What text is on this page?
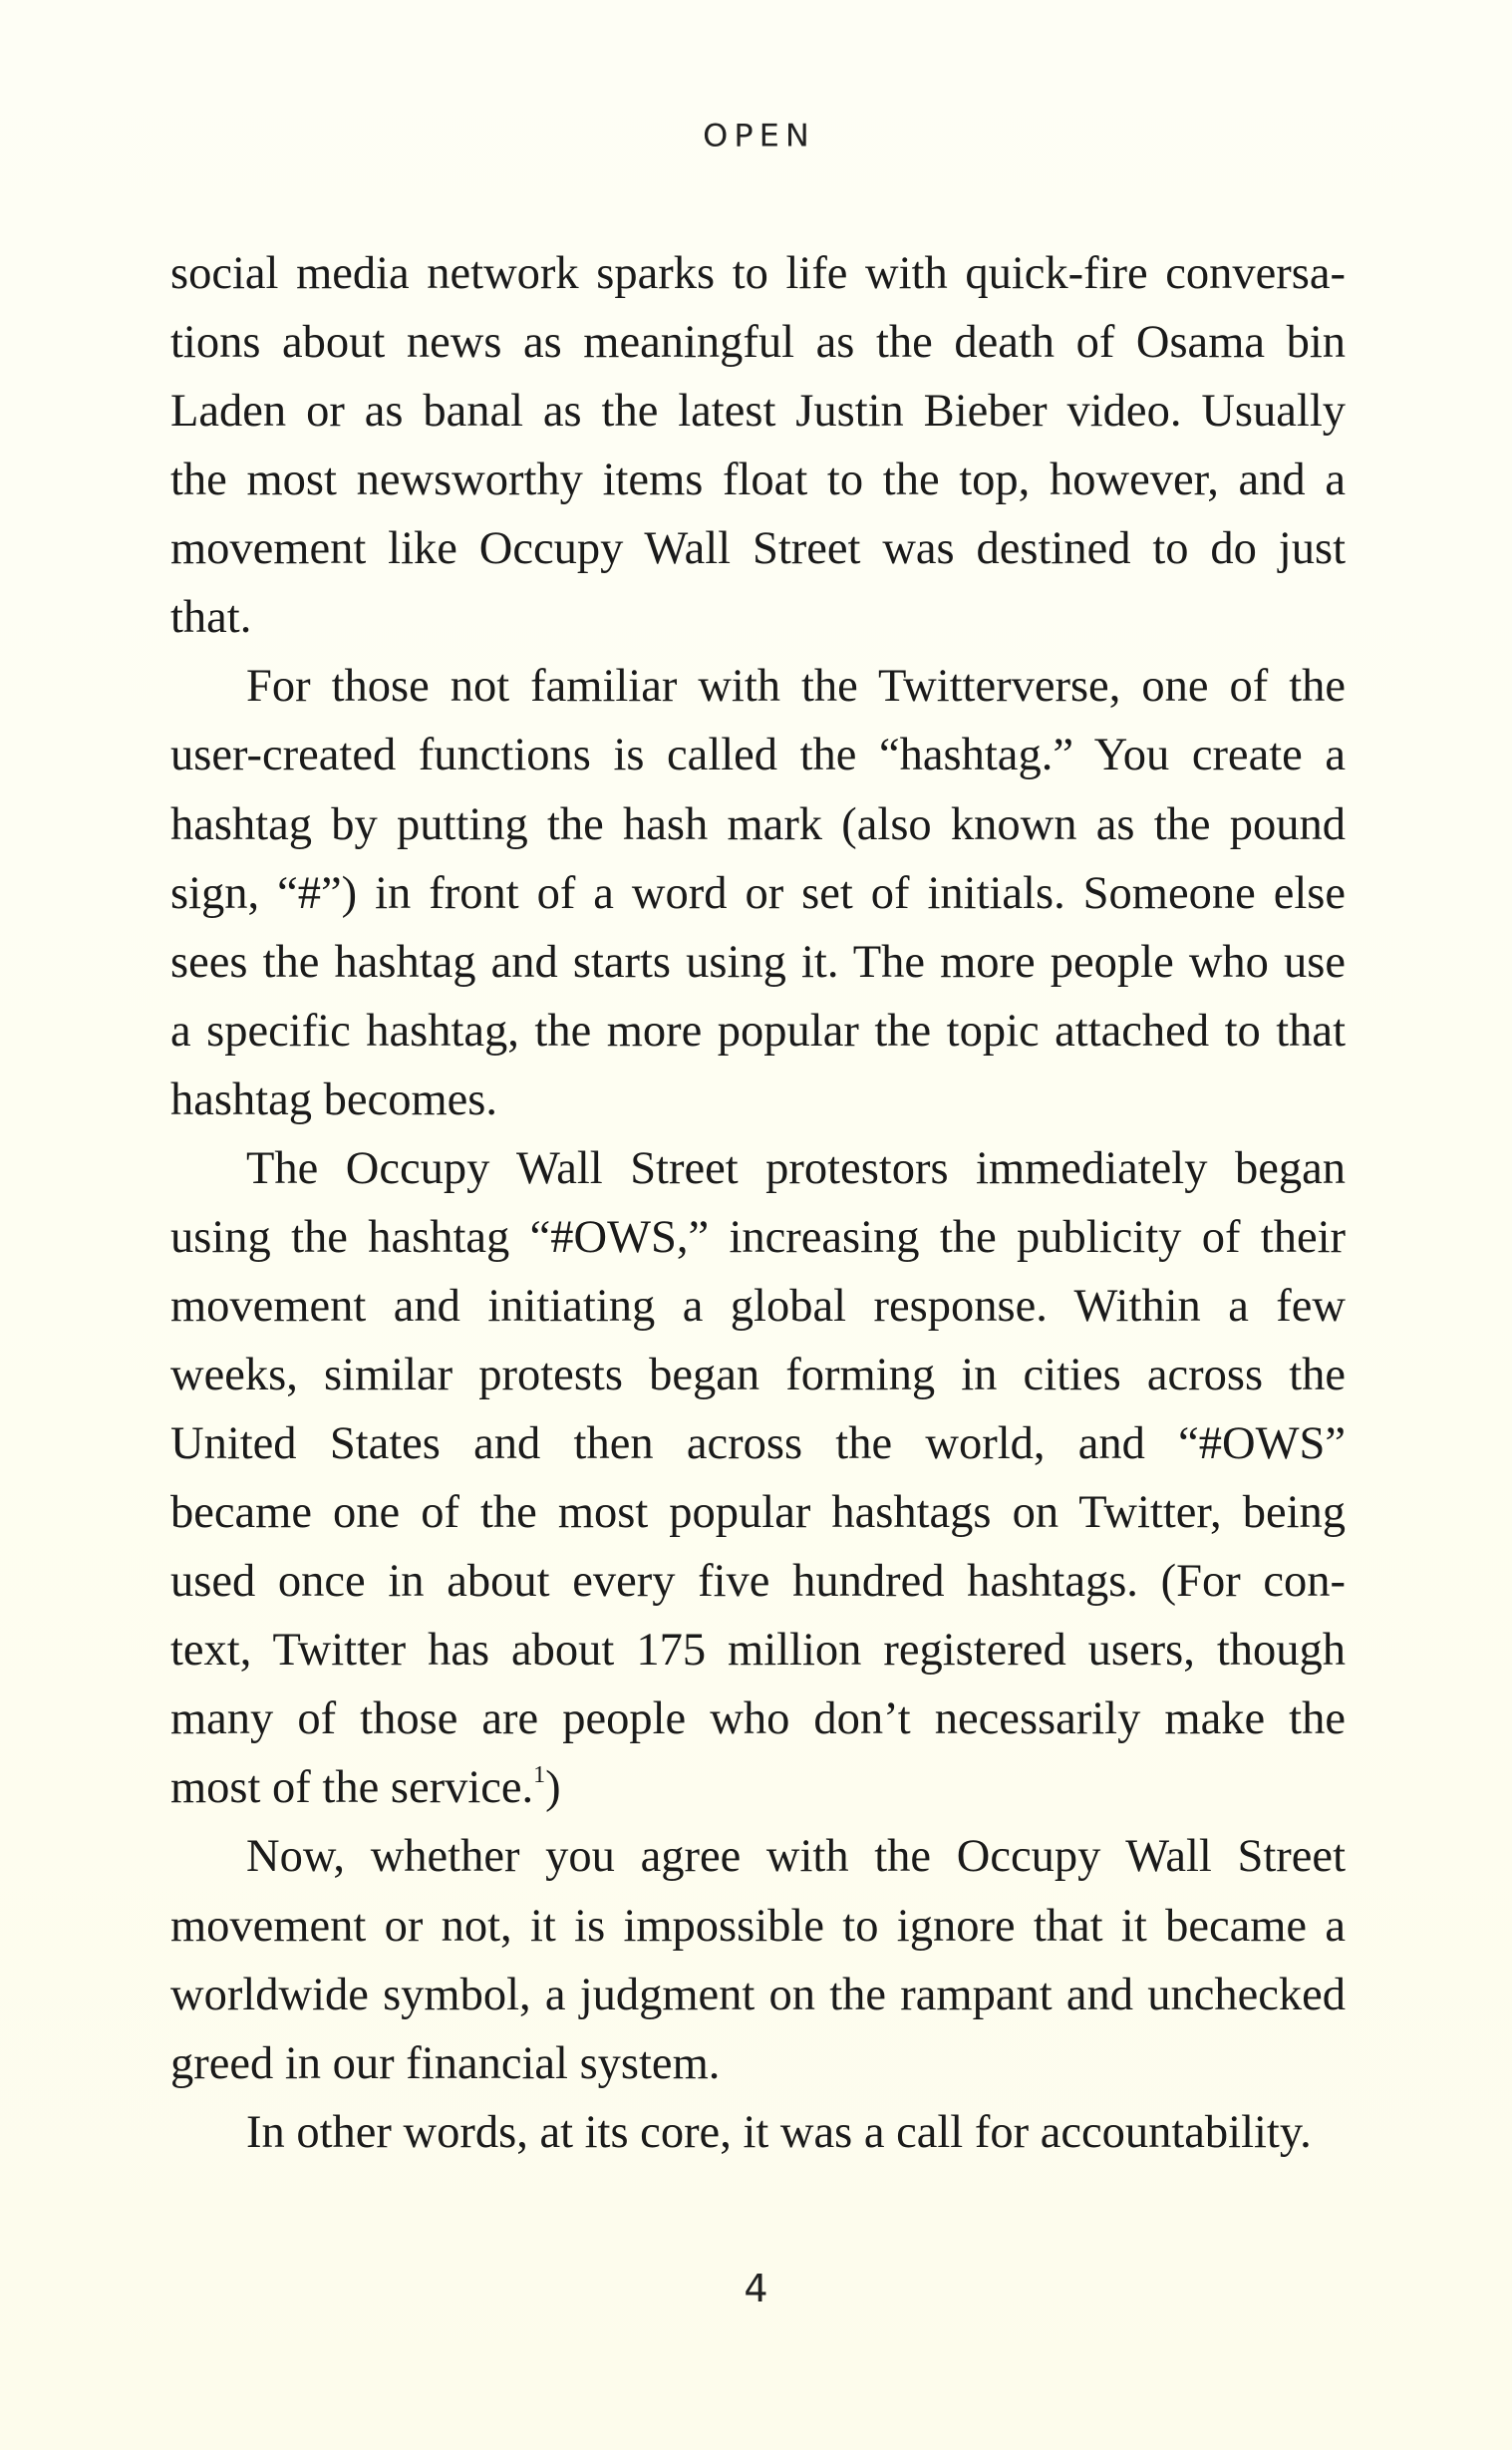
OPEN
social media network sparks to life with quick-fire conversa-
tions about news as meaningful as the death of Osama bin
Laden or as banal as the latest Justin Bieber video. Usually
the most newsworthy items float to the top, however, and a
movement like Occupy Wall Street was destined to do just
that.
For those not familiar with the Twitterverse, one of the
user-created functions is called the “hashtag.” You create a
hashtag by putting the hash mark (also known as the pound
sign, “#”) in front of a word or set of initials. Someone else
sees the hashtag and starts using it. The more people who use
a specific hashtag, the more popular the topic attached to that
hashtag becomes.
The Occupy Wall Street protestors immediately began
using the hashtag “#OWS,” increasing the publicity of their
movement and initiating a global response. Within a few
weeks, similar protests began forming in cities across the
United States and then across the world, and “#OWS”
became one of the most popular hashtags on Twitter, being
used once in about every five hundred hashtags. (For con-
text, Twitter has about 175 million registered users, though
many of those are people who don’t necessarily make the
most of the service.$^1$)
Now, whether you agree with the Occupy Wall Street
movement or not, it is impossible to ignore that it became a
worldwide symbol, a judgment on the rampant and unchecked
greed in our financial system.
In other words, at its core, it was a call for accountability.
4
